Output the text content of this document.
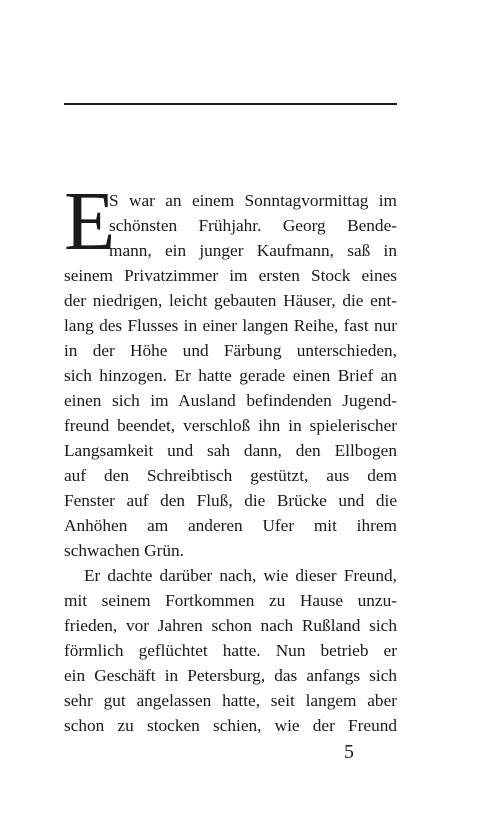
E
S war an einem Sonntagvormittag im
schönsten Frühjahr. Georg Bende-
mann, ein junger Kaufmann, saß in
seinem Privatzimmer im ersten Stock eines
der niedrigen, leicht gebauten Häuser, die ent-
lang des Flusses in einer langen Reihe, fast nur
in der Höhe und Färbung unterschieden,
sich hinzogen. Er hatte gerade einen Brief an
einen sich im Ausland befindenden Jugend-
freund beendet, verschloß ihn in spielerischer
Langsamkeit und sah dann, den Ellbogen
auf den Schreibtisch gestützt, aus dem
Fenster auf den Fluß, die Brücke und die
Anhöhen am anderen Ufer mit ihrem
schwachen Grün.
Er dachte darüber nach, wie dieser Freund,
mit seinem Fortkommen zu Hause unzu-
frieden, vor Jahren schon nach Rußland sich
förmlich geflüchtet hatte. Nun betrieb er
ein Geschäft in Petersburg, das anfangs sich
sehr gut angelassen hatte, seit langem aber
schon zu stocken schien, wie der Freund
5
